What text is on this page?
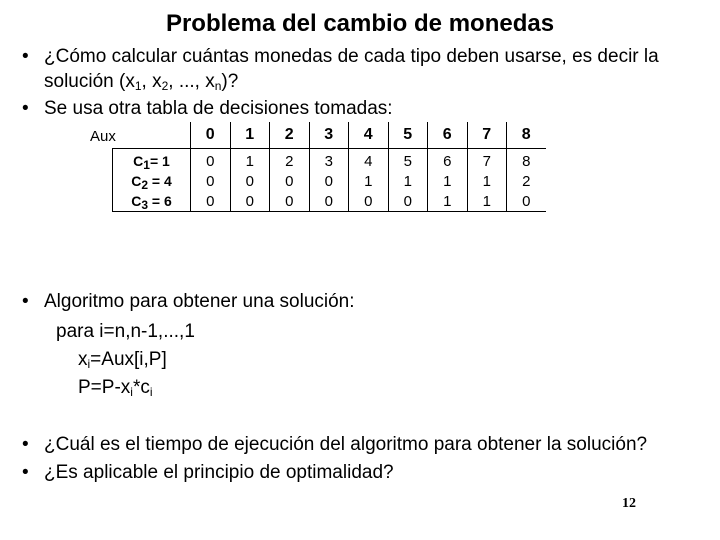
Problema del cambio de monedas
• ¿Cómo calcular cuántas monedas de cada tipo deben usarse, es decir la
solución ($x_1$, $x_2$, ..., $x_n$)?
• Se usa otra tabla de decisiones tomadas:
Aux
		0	1	2	3	4	5	6	7	8
$C_1= 1$	0	1	2	3	4	5	6	7	8
$C_2 = 4$	0	0	0	0	1	1	1	1	2
$C_3 = 6$	0	0	0	0	0	0	1	1	0
• Algoritmo para obtener una solución:
para i=n,n-1,...,1
$x_i=Aux[i,P]$
$P=P-x_i*c_i$
• ¿Cuál es el tiempo de ejecución del algoritmo para obtener la solución?
• ¿Es aplicable el principio de optimalidad?
12
